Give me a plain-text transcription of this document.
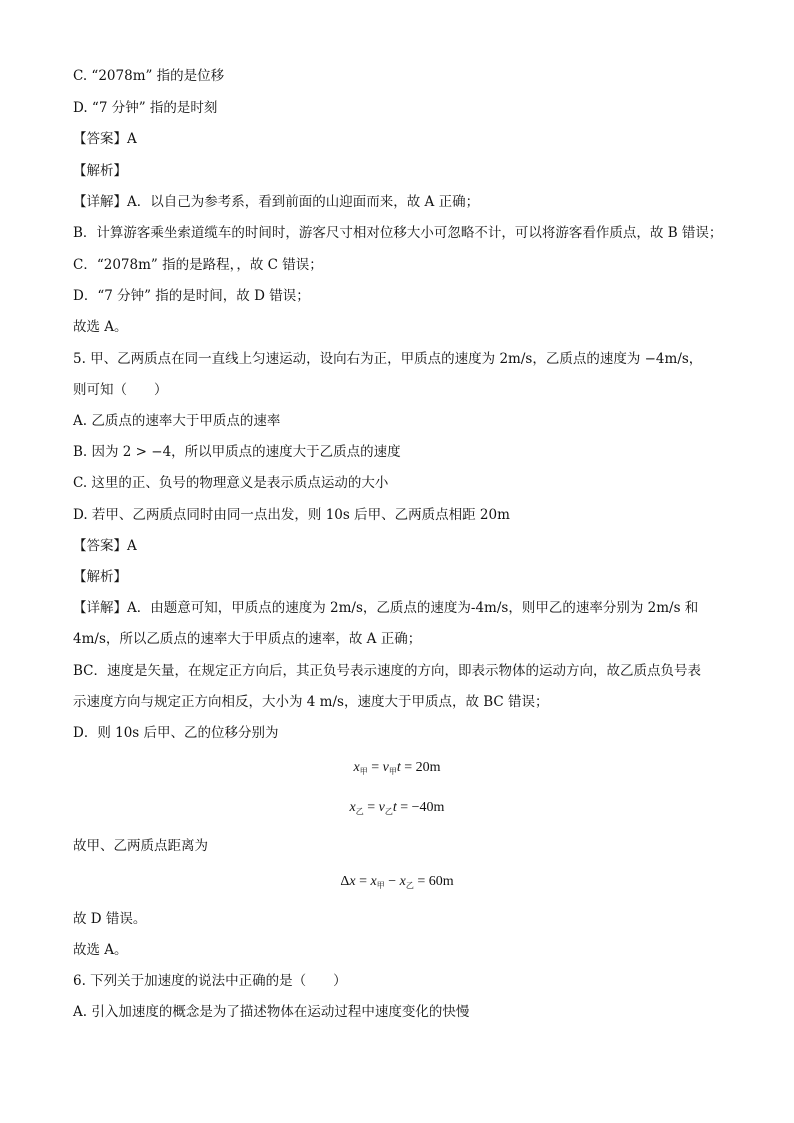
C. “2078m” 指的是位移
D. “7 分钟” 指的是时刻
【答案】A
【解析】
【详解】A．以自己为参考系，看到前面的山迎面而来，故 A 正确；
B．计算游客乘坐索道缆车的时间时，游客尺寸相对位移大小可忽略不计，可以将游客看作质点，故 B 错误；
C．“2078m” 指的是路程，，故 C 错误；
D．“7 分钟” 指的是时间，故 D 错误；
故选 A。
5. 甲、乙两质点在同一直线上匀速运动，设向右为正，甲质点的速度为 2m/s，乙质点的速度为 −4m/s，
则可知（　　）
A. 乙质点的速率大于甲质点的速率
B. 因为 2 > −4，所以甲质点的速度大于乙质点的速度
C. 这里的正、负号的物理意义是表示质点运动的大小
D. 若甲、乙两质点同时由同一点出发，则 10s 后甲、乙两质点相距 20m
【答案】A
【解析】
【详解】A．由题意可知，甲质点的速度为 2m/s，乙质点的速度为-4m/s，则甲乙的速率分别为 2m/s 和
4m/s，所以乙质点的速率大于甲质点的速率，故 A 正确；
BC．速度是矢量，在规定正方向后，其正负号表示速度的方向，即表示物体的运动方向，故乙质点负号表
示速度方向与规定正方向相反，大小为 4 m/s，速度大于甲质点，故 BC 错误；
D．则 10s 后甲、乙的位移分别为
$x_甲 = v_甲t = 20m$
$x_乙 = v_乙t = -40m$
故甲、乙两质点距离为
$\Delta x = x_甲 - x_乙 = 60m$
故 D 错误。
故选 A。
6. 下列关于加速度的说法中正确的是（　　）
A. 引入加速度的概念是为了描述物体在运动过程中速度变化的快慢
